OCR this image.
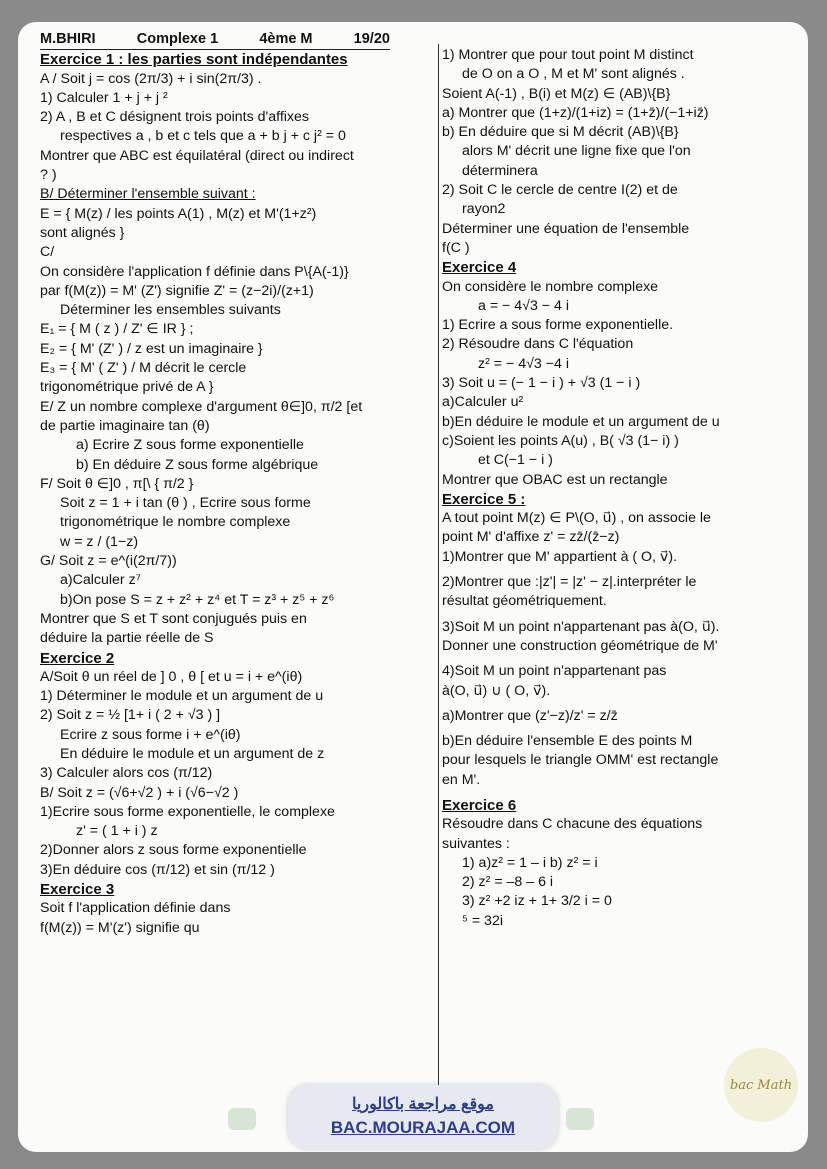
M.BHIRI	Complexe 1	4ème M	19/20

Exercice 1 : les parties sont indépendantes

A / Soit j = cos (2π/3) + i sin(2π/3) .

1) Calculer 1 + j + j ²

2) A , B et C désignent trois points d'affixes

respectives a , b et c tels que a + b j + c j² = 0

Montrer que ABC est équilatéral (direct ou indirect

? )

B/ Déterminer l'ensemble suivant :

E = { M(z) / les points A(1) , M(z) et M'(1+z²)

sont alignés }

C/

On considère l'application f définie dans P\{A(-1)}

par f(M(z)) = M' (Z') signifie Z' = (z−2i)/(z+1)

Déterminer les ensembles suivants

E₁ = { M ( z ) / Z' ∈ IR } ;

E₂ = { M' (Z' ) / z est un imaginaire }

E₃ = { M' ( Z' ) / M décrit le cercle

trigonométrique privé de A }

E/ Z un nombre complexe d'argument θ∈]0, π/2 [et

de partie imaginaire tan (θ)

a) Ecrire Z sous forme exponentielle

b) En déduire Z sous forme algébrique

F/ Soit θ ∈]0 , π[\ { π/2 }

Soit z = 1 + i tan (θ ) , Ecrire sous forme

trigonométrique le nombre complexe

w = z / (1−z)

G/ Soit z = e^(i(2π/7))

a)Calculer z⁷

b)On pose S = z + z² + z⁴ et T = z³ + z⁵ + z⁶

Montrer que S et T sont conjugués puis en

déduire la partie réelle de S

Exercice 2

A/Soit θ un réel de ] 0 , θ [ et u = i + e^(iθ)

1) Déterminer le module et un argument de u

2) Soit z = ½ [1+ i ( 2 + √3 ) ]

Ecrire z sous forme i + e^(iθ)

En déduire le module et un argument de z

3) Calculer alors cos (π/12)

B/ Soit z = (√6+√2 ) + i (√6−√2 )

1)Ecrire sous forme exponentielle, le complexe

z' = ( 1 + i ) z

2)Donner alors z sous forme exponentielle

3)En déduire cos (π/12) et sin (π/12 )

Exercice 3

Soit f l'application définie dans

f(M(z)) = M'(z') signifie qu

1) Montrer que pour tout point M distinct

de O on a O , M et M' sont alignés .

Soient A(-1) , B(i) et M(z) ∈ (AB)\{B}

a) Montrer que (1+z)/(1+iz) = (1+z̄)/(−1+iz̄)

b) En déduire que si M décrit (AB)\{B}

alors M' décrit une ligne fixe que l'on

déterminera

2) Soit C le cercle de centre I(2) et de

rayon2

Déterminer une équation de l'ensemble

f(C )

Exercice 4

On considère le nombre complexe

a = − 4√3 − 4 i

1) Ecrire a sous forme exponentielle.

2) Résoudre dans C l'équation

z² = − 4√3 −4 i

3) Soit u = (− 1 − i ) + √3 (1 − i )

a)Calculer u²

b)En déduire le module et un argument de u

c)Soient les points A(u) , B( √3 (1− i) )

et C(−1 − i )

Montrer que OBAC est un rectangle

Exercice 5 :

A tout point M(z) ∈ P\(O, u⃗) , on associe le

point M' d'affixe z' = zz̄/(z̄−z)

1)Montrer que M' appartient à ( O, v⃗).

2)Montrer que :|z'| = |z' − z|.interpréter le

résultat géométriquement.

3)Soit M un point n'appartenant pas à(O, u⃗).

Donner une construction géométrique de M'

4)Soit M un point n'appartenant pas

à(O, u⃗) ∪ ( O, v⃗).

a)Montrer que (z'−z)/z' = z/z̄

b)En déduire l'ensemble E des points M

pour lesquels le triangle OMM' est rectangle

en M'.

Exercice 6

Résoudre dans C chacune des équations

suivantes :

1) a)z² = 1 – i b) z² = i

2) z² = –8 – 6 i

3) z² +2 iz + 1+ 3/2 i = 0

⁵ = 32i

موقع مراجعة باكالوريا
BAC.MOURAJAA.COM
bac Math
